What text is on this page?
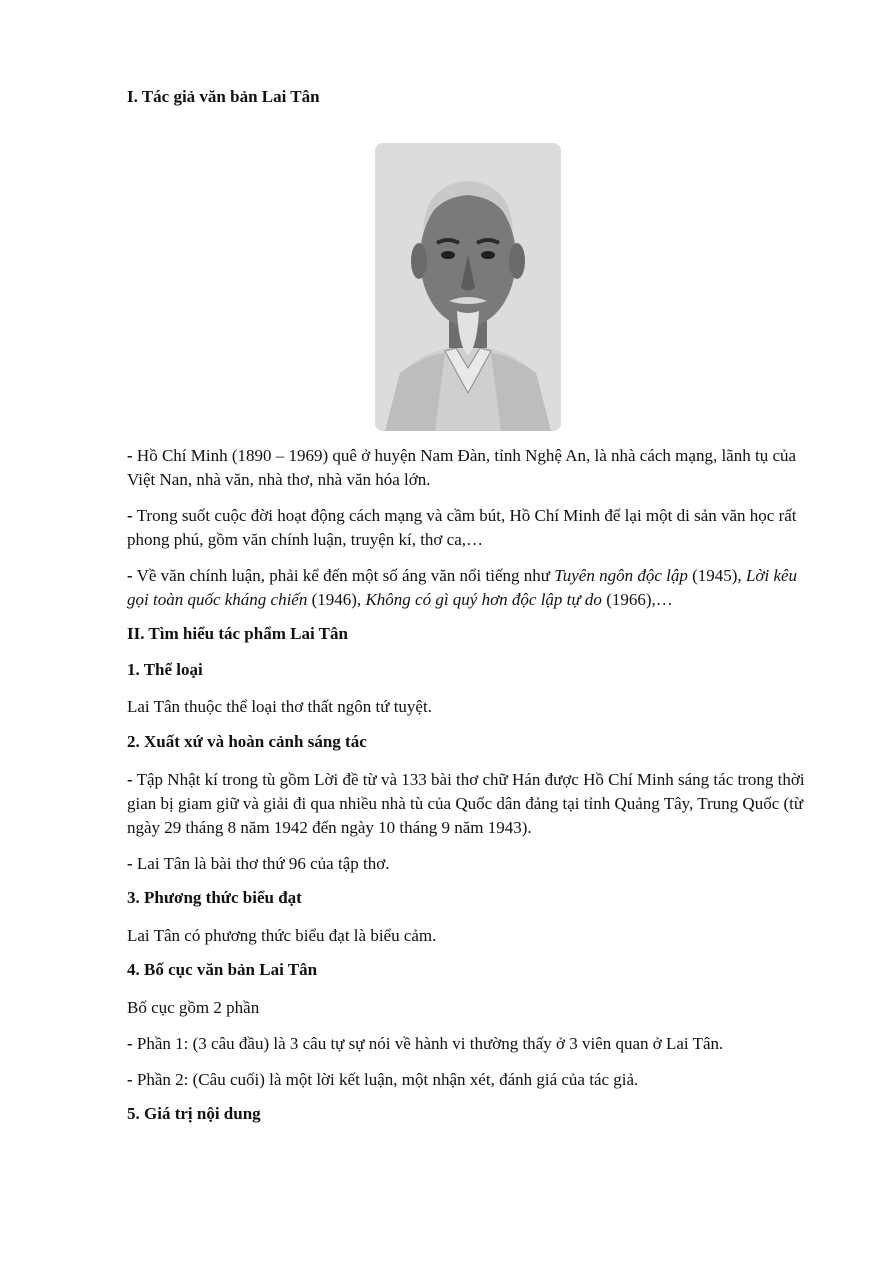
I. Tác giả văn bản Lai Tân
- Hồ Chí Minh (1890 – 1969) quê ở huyện Nam Đàn, tỉnh Nghệ An, là nhà cách mạng, lãnh tụ của Việt Nan, nhà văn, nhà thơ, nhà văn hóa lớn.
- Trong suốt cuộc đời hoạt động cách mạng và cầm bút, Hồ Chí Minh để lại một di sản văn học rất phong phú, gồm văn chính luận, truyện kí, thơ ca,…
- Về văn chính luận, phải kể đến một số áng văn nổi tiếng như Tuyên ngôn độc lập (1945), Lời kêu gọi toàn quốc kháng chiến (1946), Không có gì quý hơn độc lập tự do (1966),…
II. Tìm hiểu tác phẩm Lai Tân
1. Thể loại
Lai Tân thuộc thể loại thơ thất ngôn tứ tuyệt.
2. Xuất xứ và hoàn cảnh sáng tác
- Tập Nhật kí trong tù gồm Lời đề từ và 133 bài thơ chữ Hán được Hồ Chí Minh sáng tác trong thời gian bị giam giữ và giải đi qua nhiều nhà tù của Quốc dân đảng tại tỉnh Quảng Tây, Trung Quốc (từ ngày 29 tháng 8 năm 1942 đến ngày 10 tháng 9 năm 1943).
- Lai Tân là bài thơ thứ 96 của tập thơ.
3. Phương thức biểu đạt
Lai Tân có phương thức biểu đạt là biểu cảm.
4. Bố cục văn bản Lai Tân
Bố cục gồm 2 phần
- Phần 1: (3 câu đầu) là 3 câu tự sự nói về hành vi thường thấy ở 3 viên quan ở Lai Tân.
- Phần 2: (Câu cuối) là một lời kết luận, một nhận xét, đánh giá của tác giả.
5. Giá trị nội dung
